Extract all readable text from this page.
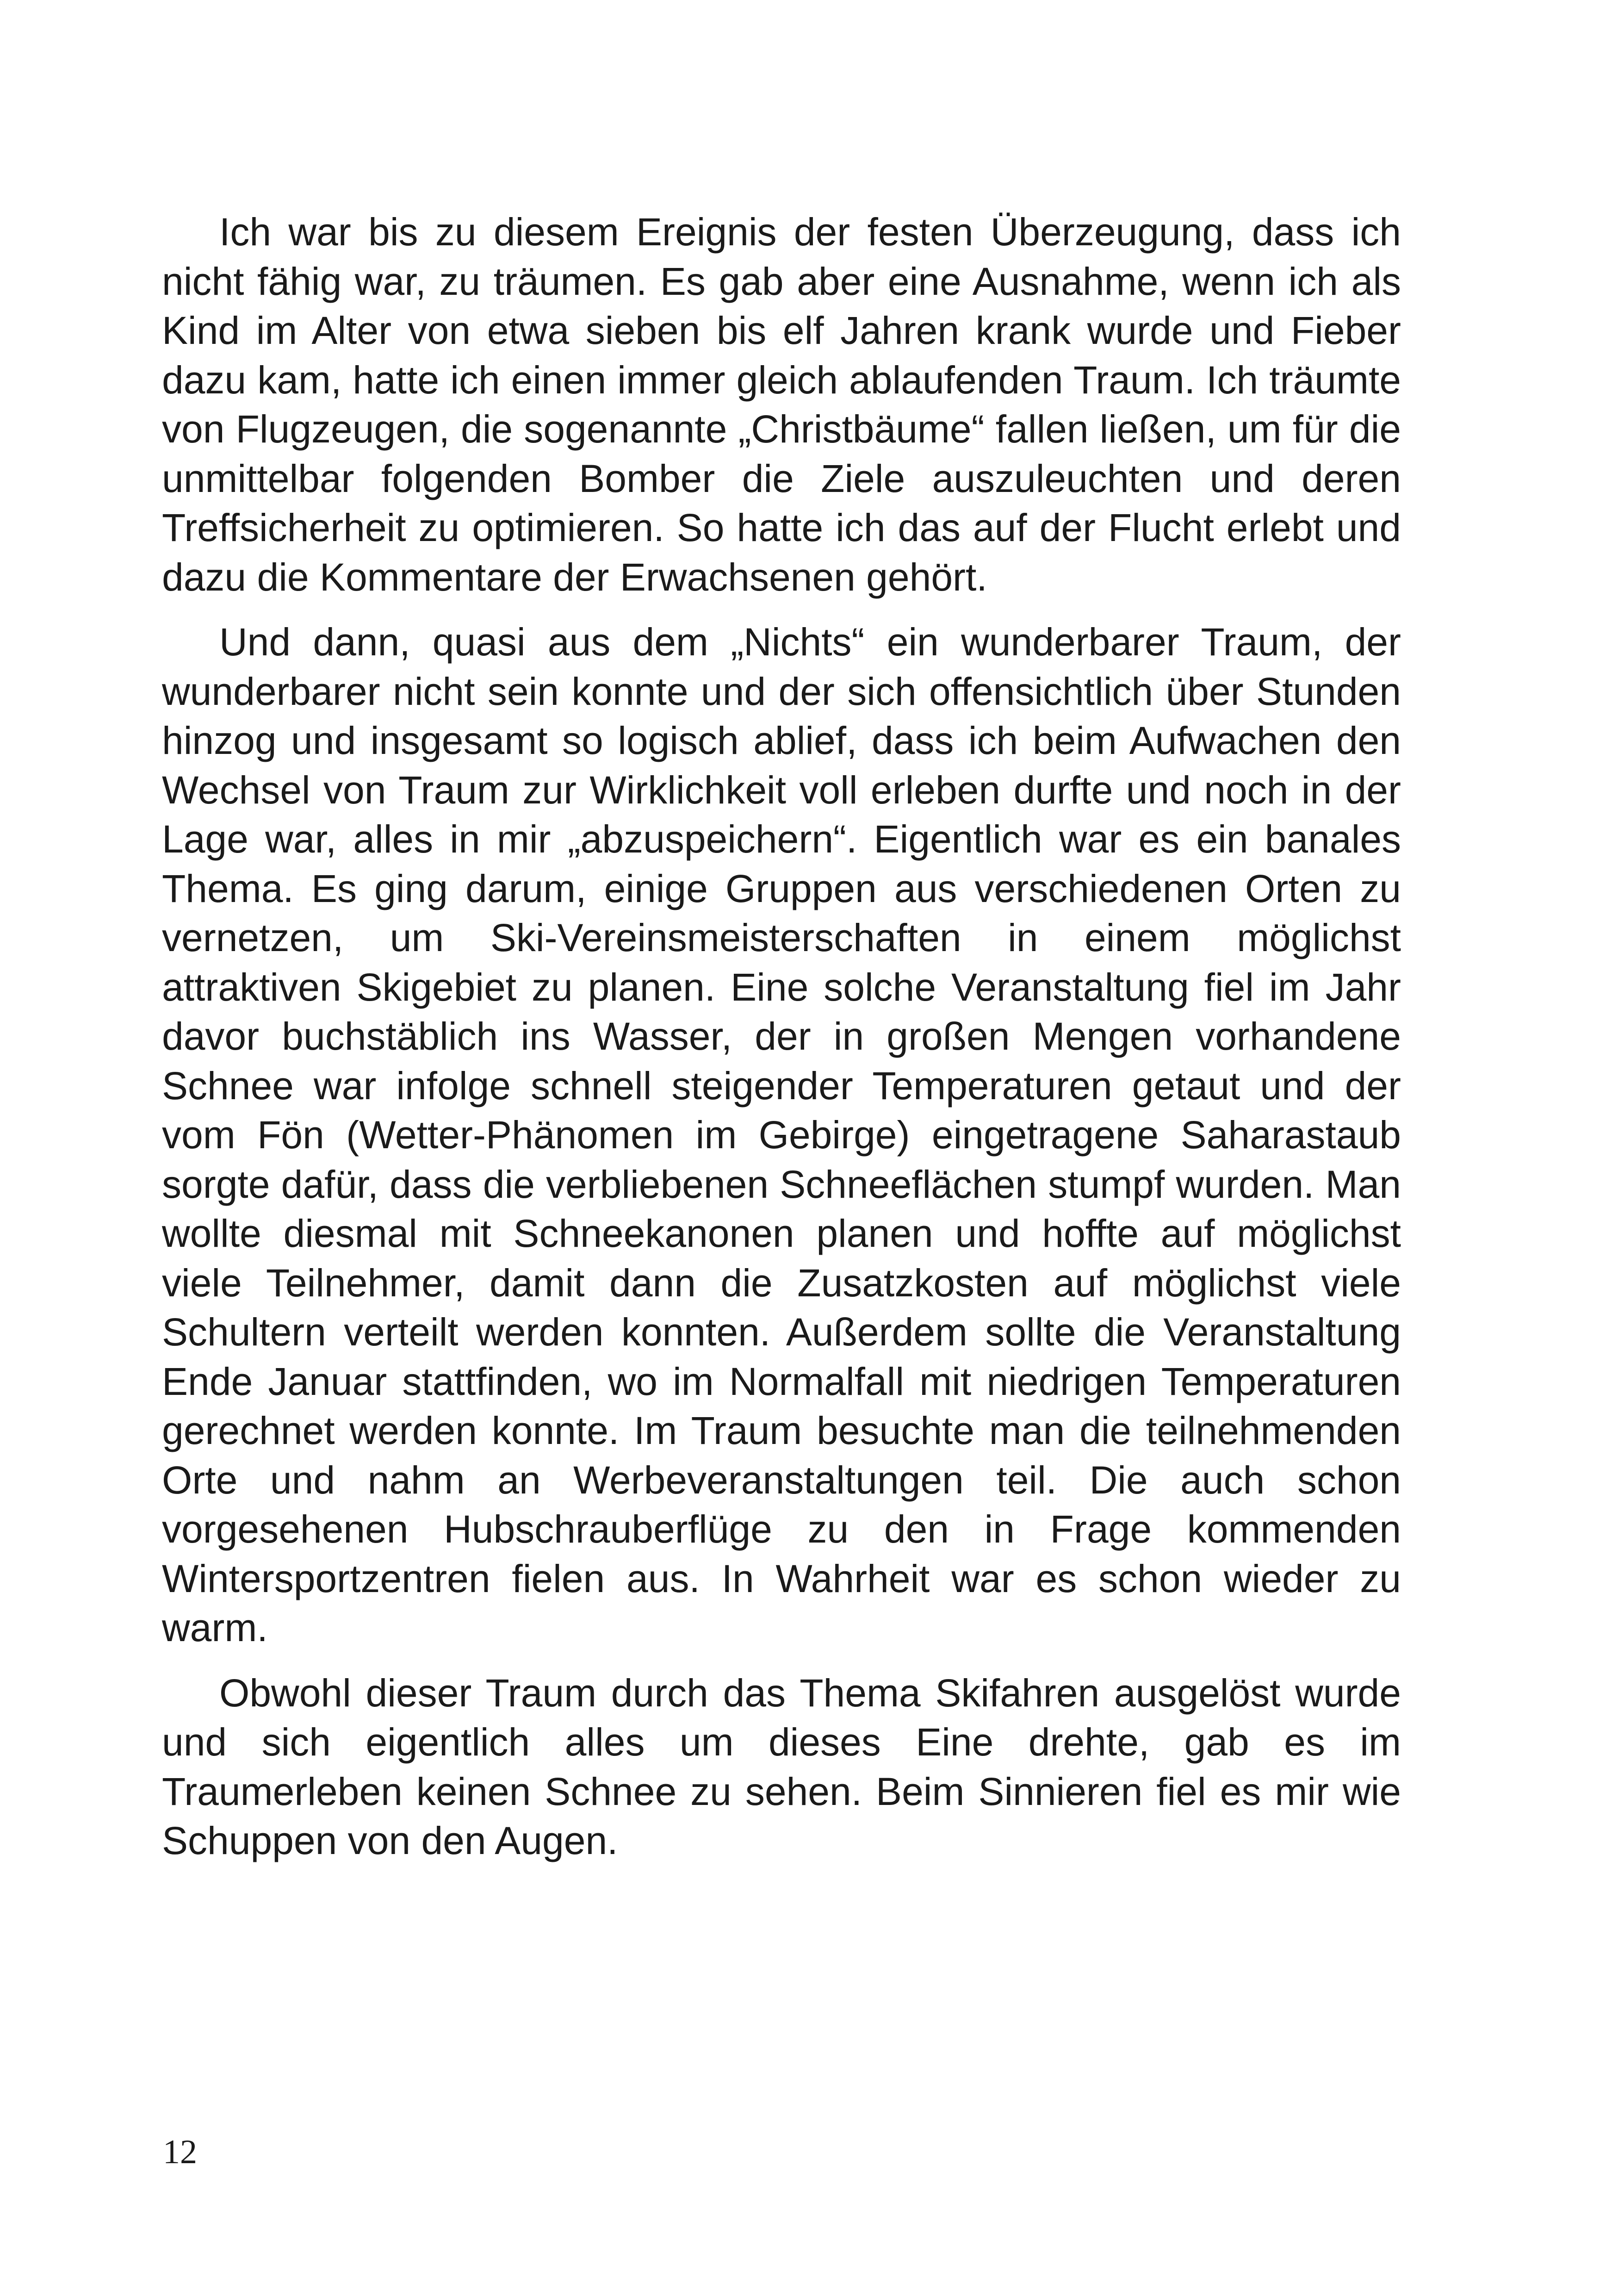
Ich war bis zu diesem Ereignis der festen Überzeugung, dass ich nicht fähig war, zu träumen. Es gab aber eine Ausnahme, wenn ich als Kind im Alter von etwa sieben bis elf Jahren krank wurde und Fieber dazu kam, hatte ich einen immer gleich ablaufenden Traum. Ich träumte von Flugzeugen, die sogenannte „Christbäume“ fallen ließen, um für die unmittelbar folgenden Bomber die Ziele auszuleuchten und deren Treffsicherheit zu optimieren. So hatte ich das auf der Flucht erlebt und dazu die Kommentare der Erwachsenen gehört.

Und dann, quasi aus dem „Nichts“ ein wunderbarer Traum, der wunderbarer nicht sein konnte und der sich offensichtlich über Stunden hinzog und insgesamt so logisch ablief, dass ich beim Aufwachen den Wechsel von Traum zur Wirklichkeit voll erleben durfte und noch in der Lage war, alles in mir „abzuspeichern“. Eigentlich war es ein banales Thema. Es ging darum, einige Gruppen aus verschiedenen Orten zu vernetzen, um Ski-Vereinsmeisterschaften in einem möglichst attraktiven Skigebiet zu planen. Eine solche Veranstaltung fiel im Jahr davor buchstäblich ins Wasser, der in großen Mengen vorhandene Schnee war infolge schnell steigender Temperaturen getaut und der vom Fön (Wetter-Phänomen im Gebirge) eingetragene Saharastaub sorgte dafür, dass die verbliebenen Schneeflächen stumpf wurden. Man wollte diesmal mit Schneekanonen planen und hoffte auf möglichst viele Teilnehmer, damit dann die Zusatzkosten auf möglichst viele Schultern verteilt werden konnten. Außerdem sollte die Veranstaltung Ende Januar stattfinden, wo im Normalfall mit niedrigen Temperaturen gerechnet werden konnte. Im Traum besuchte man die teilnehmenden Orte und nahm an Werbeveranstaltungen teil. Die auch schon vorgesehenen Hubschrauberflüge zu den in Frage kommenden Wintersportzentren fielen aus. In Wahrheit war es schon wieder zu warm.

Obwohl dieser Traum durch das Thema Skifahren ausgelöst wurde und sich eigentlich alles um dieses Eine drehte, gab es im Traumerleben keinen Schnee zu sehen. Beim Sinnieren fiel es mir wie Schuppen von den Augen.

12
